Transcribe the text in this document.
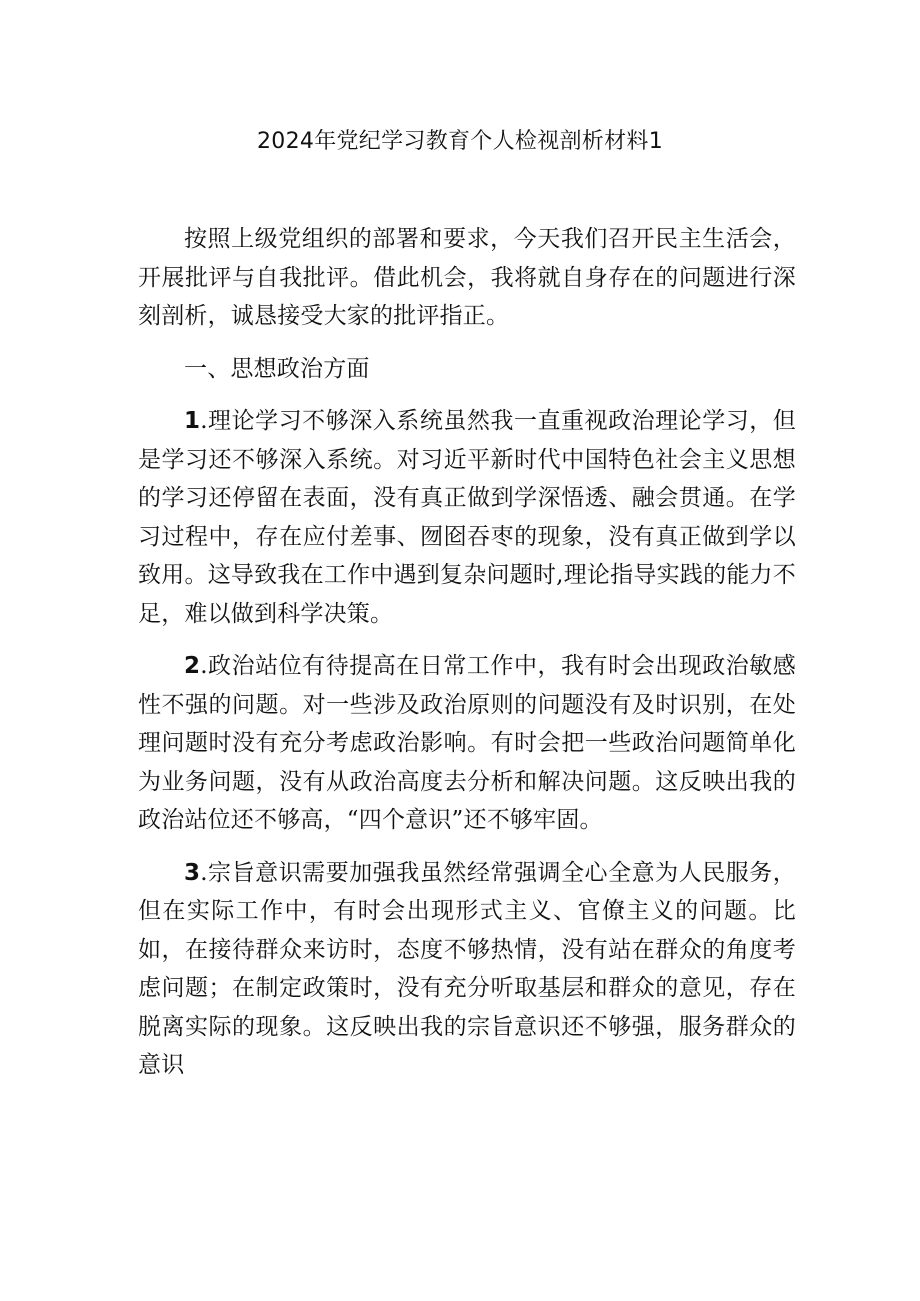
2024年党纪学习教育个人检视剖析材料1

按照上级党组织的部署和要求，今天我们召开民主生活会，开展批评与自我批评。借此机会，我将就自身存在的问题进行深刻剖析，诚恳接受大家的批评指正。

一、思想政治方面

1.理论学习不够深入系统虽然我一直重视政治理论学习，但是学习还不够深入系统。对习近平新时代中国特色社会主义思想的学习还停留在表面，没有真正做到学深悟透、融会贯通。在学习过程中，存在应付差事、囫囵吞枣的现象，没有真正做到学以致用。这导致我在工作中遇到复杂问题时,理论指导实践的能力不足，难以做到科学决策。

2.政治站位有待提高在日常工作中，我有时会出现政治敏感性不强的问题。对一些涉及政治原则的问题没有及时识别，在处理问题时没有充分考虑政治影响。有时会把一些政治问题简单化为业务问题，没有从政治高度去分析和解决问题。这反映出我的政治站位还不够高，“四个意识”还不够牢固。

3.宗旨意识需要加强我虽然经常强调全心全意为人民服务，但在实际工作中，有时会出现形式主义、官僚主义的问题。比如，在接待群众来访时，态度不够热情，没有站在群众的角度考虑问题；在制定政策时，没有充分听取基层和群众的意见，存在脱离实际的现象。这反映出我的宗旨意识还不够强，服务群众的意识
